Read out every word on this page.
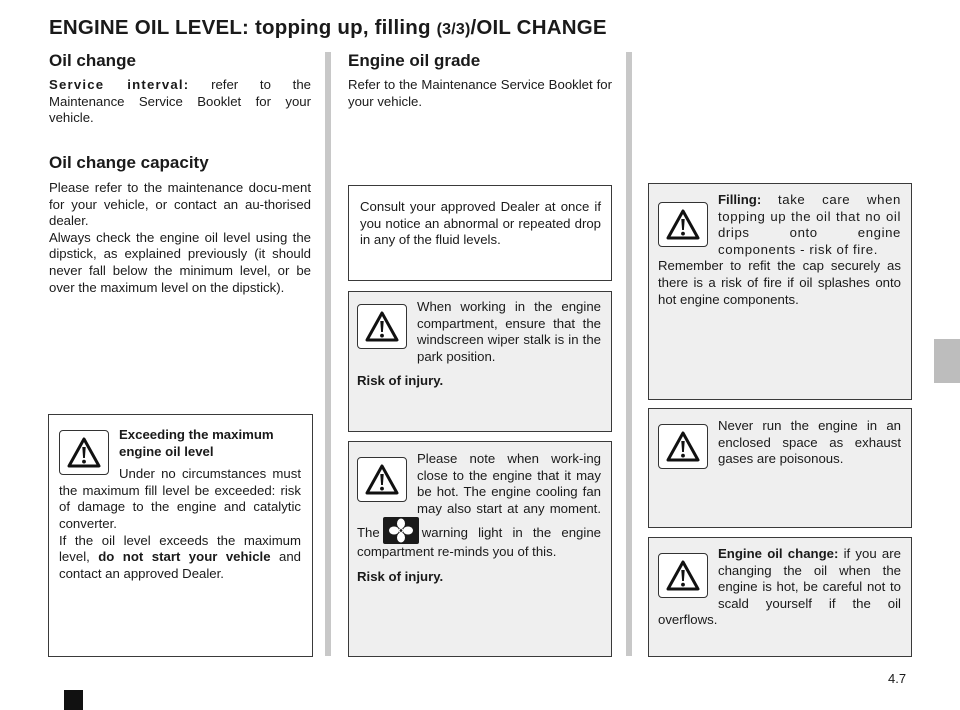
ENGINE OIL LEVEL: topping up, filling (3/3)/OIL CHANGE
Oil change

Service interval: refer to the Maintenance Service Booklet for your vehicle.

Oil change capacity

Please refer to the maintenance docu-ment for your vehicle, or contact an au-thorised dealer.
Always check the engine oil level using the dipstick, as explained previously (it should never fall below the minimum level, or be over the maximum level on the dipstick).

Exceeding the maximum engine oil level

Under no circumstances must the maximum fill level be exceeded: risk of damage to the engine and catalytic converter.
If the oil level exceeds the maximum level, do not start your vehicle and contact an approved Dealer.

Engine oil grade

Refer to the Maintenance Service Booklet for your vehicle.

Consult your approved Dealer at once if you notice an abnormal or repeated drop in any of the fluid levels.

When working in the engine compartment, ensure that the windscreen wiper stalk is in the park position.

Risk of injury.

Please note when work-ing close to the engine that it may be hot. The engine cooling fan may also start at any moment. The	warning light in the engine compartment re-minds you of this.

Risk of injury.

Filling: take care when topping up the oil that no oil drips onto engine components - risk of fire.
Remember to refit the cap securely as there is a risk of fire if oil splashes onto hot engine components.

Never run the engine in an enclosed space as exhaust gases are poisonous.

Engine oil change: if you are changing the oil when the engine is hot, be careful not to scald yourself if the oil overflows.

4.7
